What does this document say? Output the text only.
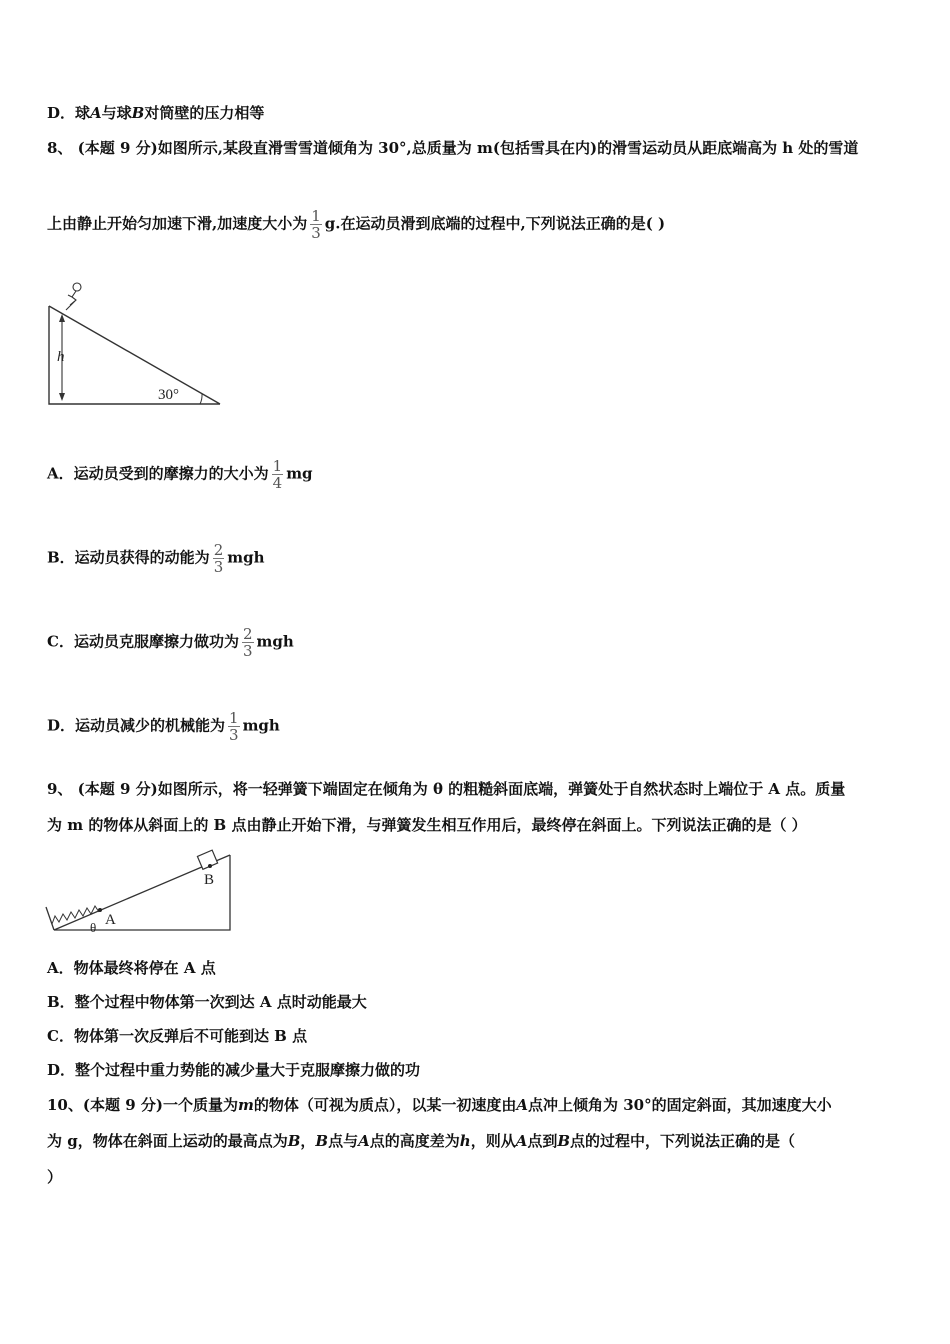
D．球A与球B对筒壁的压力相等
8、 (本题 9 分)如图所示,某段直滑雪雪道倾角为 30°,总质量为 m(包括雪具在内)的滑雪运动员从距底端高为 h 处的雪道
上由静止开始匀加速下滑,加速度大小为 $\frac{1}{3} g$.在运动员滑到底端的过程中,下列说法正确的是( )
h
30°
A．运动员受到的摩擦力的大小为 $\frac{1}{4}$ mg
B．运动员获得的动能为 $\frac{2}{3}$ mgh
C．运动员克服摩擦力做功为 $\frac{2}{3}$ mgh
D．运动员减少的机械能为 $\frac{1}{3}$ mgh
9、 (本题 9 分)如图所示，将一轻弹簧下端固定在倾角为 θ 的粗糙斜面底端，弹簧处于自然状态时上端位于 A 点。质量
为 m 的物体从斜面上的 B 点由静止开始下滑，与弹簧发生相互作用后，最终停在斜面上。下列说法正确的是（ ）
A
θ
B
A．物体最终将停在 A 点
B．整个过程中物体第一次到达 A 点时动能最大
C．物体第一次反弹后不可能到达 B 点
D．整个过程中重力势能的减少量大于克服摩擦力做的功
10、(本题 9 分)一个质量为m的物体（可视为质点），以某一初速度由A点冲上倾角为 30°的固定斜面，其加速度大小
为 g，物体在斜面上运动的最高点为B，B点与A点的高度差为h，则从A点到B点的过程中，下列说法正确的是（
）
